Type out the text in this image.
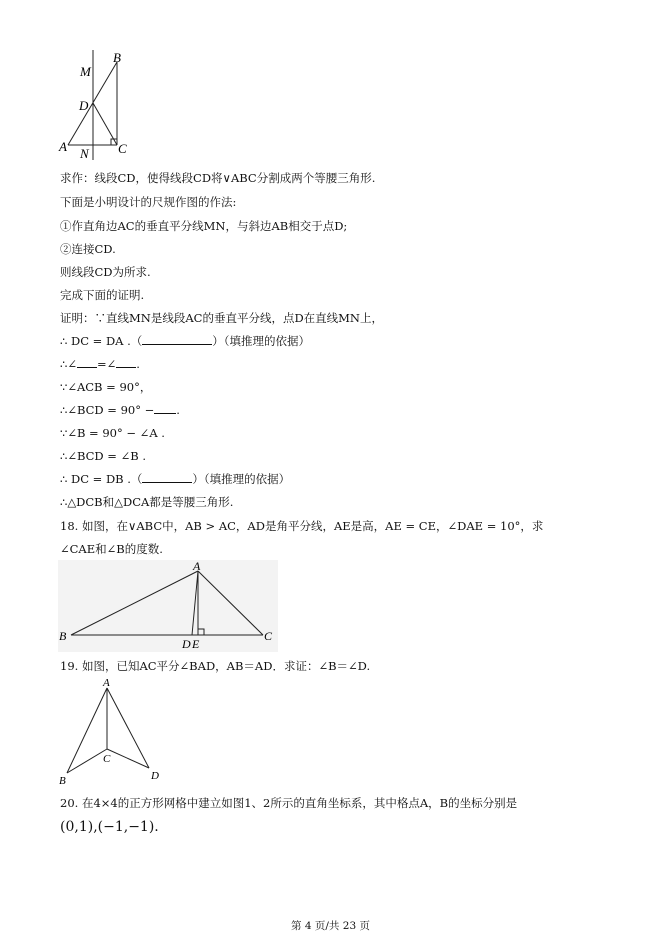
M
B
D
A N C
求作：线段CD，使得线段CD将∨ABC分割成两个等腰三角形.
下面是小明设计的尺规作图的作法:
①作直角边AC的垂直平分线MN，与斜边AB相交于点D;
②连接CD.
则线段CD为所求.
完成下面的证明.
证明：∵直线MN是线段AC的垂直平分线，点D在直线MN上，
∴ DC = DA .（	）（填推理的依据）
∴∠ =∠ .
∵∠ACB = 90°，
∴∠BCD = 90° − .
∵∠B = 90° − ∠A .
∴∠BCD = ∠B .
∴ DC = DB .（	）（填推理的依据）
∴△DCB和△DCA都是等腰三角形.
18. 如图，在∨ABC中，AB > AC，AD是角平分线，AE是高，AE = CE，∠DAE = 10°，求
∠CAE和∠B的度数.
A
B
D E
C
19. 如图，已知AC平分∠BAD，AB＝AD．求证：∠B＝∠D.
A
B
C
D
20. 在4×4的正方形网格中建立如图1、2所示的直角坐标系，其中格点A，B的坐标分别是
(0,1),(−1,−1).
第 4 页/共 23 页
